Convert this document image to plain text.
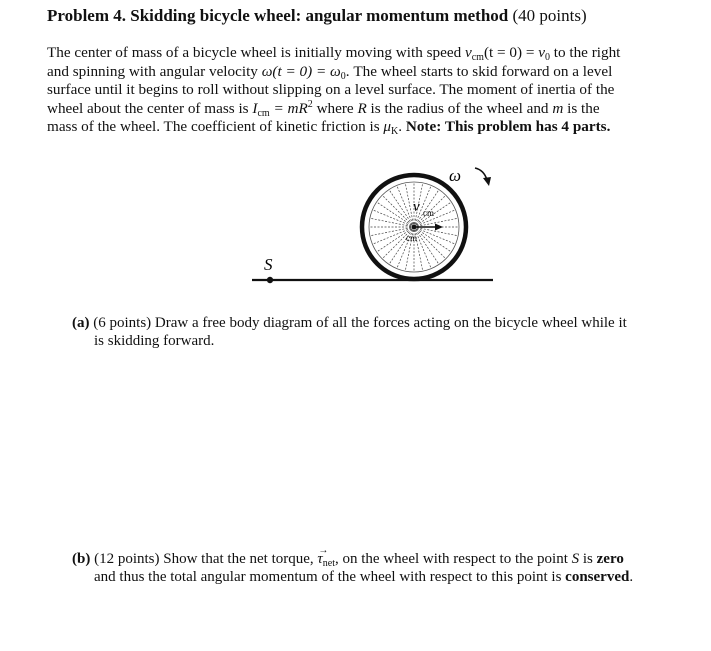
Problem 4. Skidding bicycle wheel: angular momentum method (40 points)
The center of mass of a bicycle wheel is initially moving with speed $v_{cm}(t = 0) = v_0$ to the right
and spinning with angular velocity $\omega(t = 0) = \omega_0$. The wheel starts to skid forward on a level
surface until it begins to roll without slipping on a level surface. The moment of inertia of the
wheel about the center of mass is $I_{cm} = mR^2$ where R is the radius of the wheel and m is the
mass of the wheel. The coefficient of kinetic friction is $\mu_K$. Note: This problem has 4 parts.
S
v cm
cm
ω
(a) (6 points) Draw a free body diagram of all the forces acting on the bicycle wheel while it
is skidding forward.
(b) (12 points) Show that the net torque, τ
→
$_{net}$, on the wheel with respect to the point S is zero
and thus the total angular momentum of the wheel with respect to this point is conserved.
